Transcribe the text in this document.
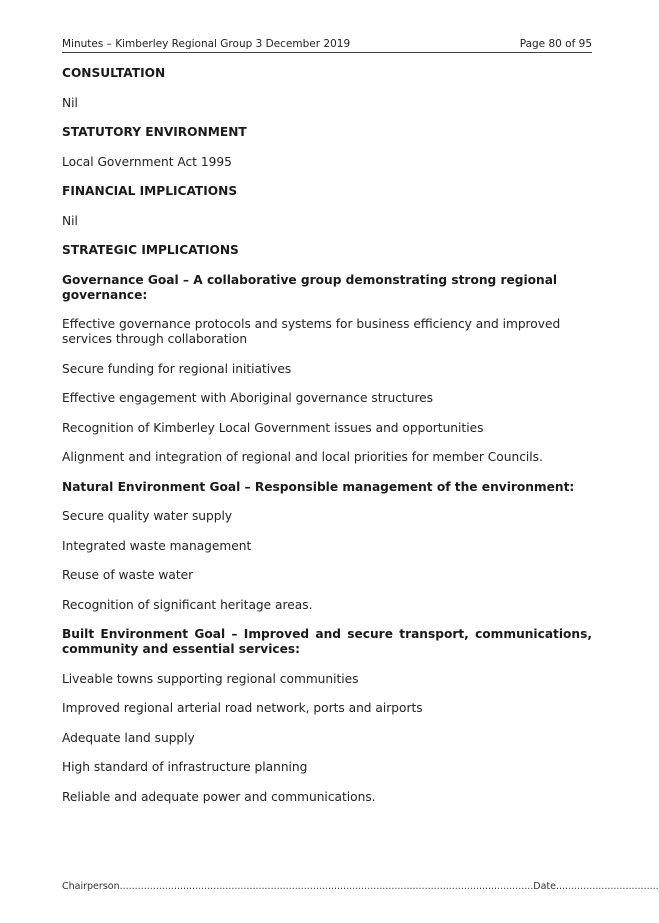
Minutes – Kimberley Regional Group 3 December 2019	Page 80 of 95

CONSULTATION

Nil

STATUTORY ENVIRONMENT

Local Government Act 1995

FINANCIAL IMPLICATIONS

Nil

STRATEGIC IMPLICATIONS

Governance Goal – A collaborative group demonstrating strong regional governance:

Effective governance protocols and systems for business efficiency and improved services through collaboration

Secure funding for regional initiatives

Effective engagement with Aboriginal governance structures

Recognition of Kimberley Local Government issues and opportunities

Alignment and integration of regional and local priorities for member Councils.

Natural Environment Goal – Responsible management of the environment:

Secure quality water supply

Integrated waste management

Reuse of waste water

Recognition of significant heritage areas.

Built Environment Goal – Improved and secure transport, communications, community and essential services:

Liveable towns supporting regional communities

Improved regional arterial road network, ports and airports

Adequate land supply

High standard of infrastructure planning

Reliable and adequate power and communications.

Chairperson.........................................................................................................................................Date..................................
